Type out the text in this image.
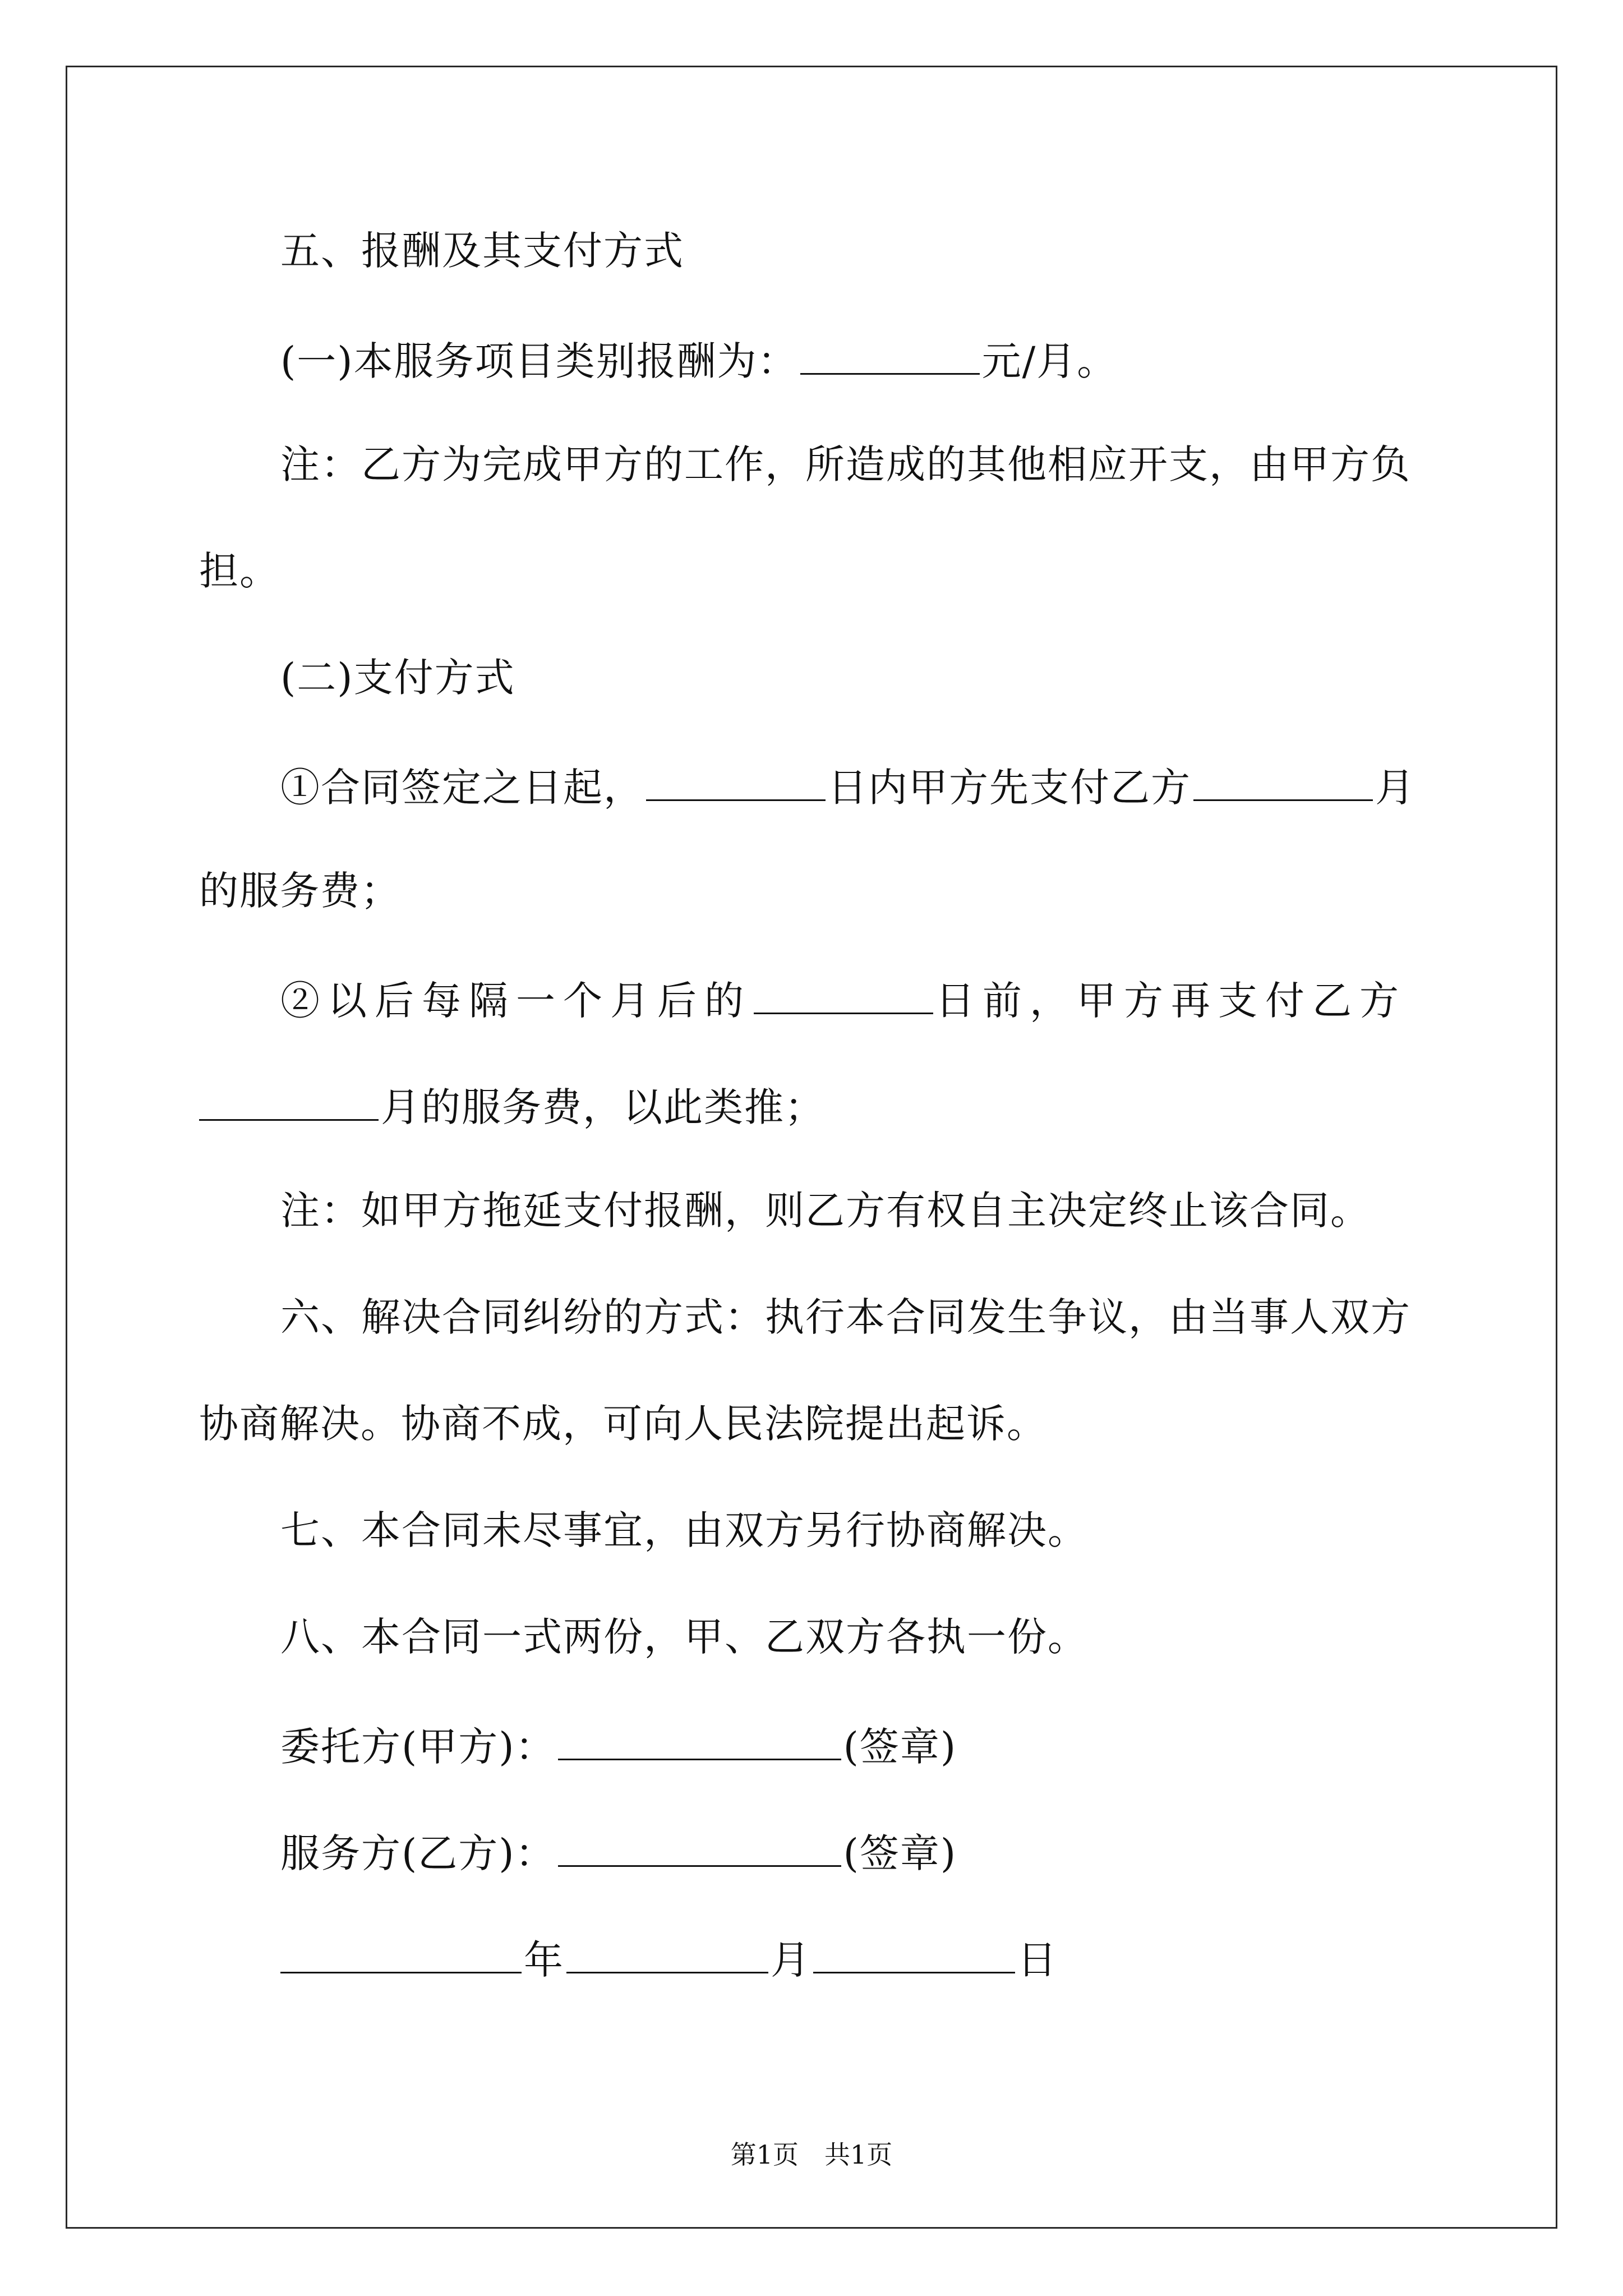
五、报酬及其支付方式
(一)本服务项目类别报酬为：	元/月。
注：乙方为完成甲方的工作，所造成的其他相应开支，由甲方负
担。
(二)支付方式
①合同签定之日起，	日内甲方先支付乙方	月
的服务费；
②以后每隔一个月后的	日前，甲方再支付乙方
月的服务费，以此类推；
注：如甲方拖延支付报酬，则乙方有权自主决定终止该合同。
六、解决合同纠纷的方式：执行本合同发生争议，由当事人双方
协商解决。协商不成，可向人民法院提出起诉。
七、本合同未尽事宜，由双方另行协商解决。
八、本合同一式两份，甲、乙双方各执一份。
委托方(甲方)：	(签章)
服务方(乙方)：	(签章)
年	月	日
第1页　共1页
